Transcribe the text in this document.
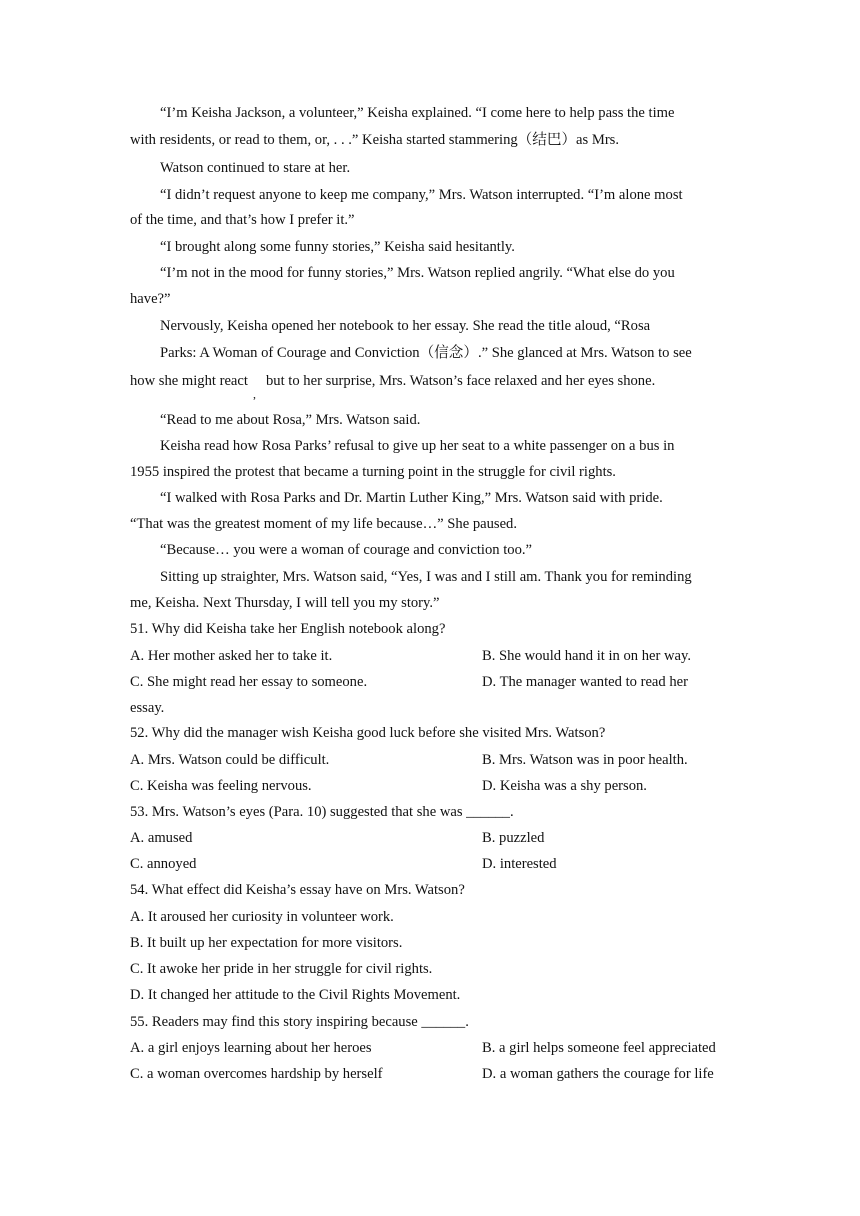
“I’m Keisha Jackson, a volunteer,” Keisha explained. “I come here to help pass the time
with residents, or read to them, or, . . .” Keisha started stammering（结巴）as Mrs.
Watson continued to stare at her.
“I didn’t request anyone to keep me company,” Mrs. Watson interrupted. “I’m alone most
of the time, and that’s how I prefer it.”
“I brought along some funny stories,” Keisha said hesitantly.
“I’m not in the mood for funny stories,” Mrs. Watson replied angrily. “What else do you
have?”
Nervously, Keisha opened her notebook to her essay. She read the title aloud, “Rosa
Parks: A Woman of Courage and Conviction（信念）.” She glanced at Mrs. Watson to see
how she might react
,
but to her surprise, Mrs. Watson’s face relaxed and her eyes shone.
“Read to me about Rosa,” Mrs. Watson said.
Keisha read how Rosa Parks’ refusal to give up her seat to a white passenger on a bus in
1955 inspired the protest that became a turning point in the struggle for civil rights.
“I walked with Rosa Parks and Dr. Martin Luther King,” Mrs. Watson said with pride.
“That was the greatest moment of my life because…” She paused.
“Because… you were a woman of courage and conviction too.”
Sitting up straighter, Mrs. Watson said, “Yes, I was and I still am. Thank you for reminding
me, Keisha. Next Thursday, I will tell you my story.”
51. Why did Keisha take her English notebook along?
A. Her mother asked her to take it.	B. She would hand it in on her way.
C. She might read her essay to someone.	D. The manager wanted to read her
essay.
52. Why did the manager wish Keisha good luck before she visited Mrs. Watson?
A. Mrs. Watson could be difficult.	B. Mrs. Watson was in poor health.
C. Keisha was feeling nervous.	D. Keisha was a shy person.
53. Mrs. Watson’s eyes (Para. 10) suggested that she was ______.
A. amused	B. puzzled
C. annoyed	D. interested
54. What effect did Keisha’s essay have on Mrs. Watson?
A. It aroused her curiosity in volunteer work.
B. It built up her expectation for more visitors.
C. It awoke her pride in her struggle for civil rights.
D. It changed her attitude to the Civil Rights Movement.
55. Readers may find this story inspiring because ______.
A. a girl enjoys learning about her heroes	B. a girl helps someone feel appreciated
C. a woman overcomes hardship by herself	D. a woman gathers the courage for life
